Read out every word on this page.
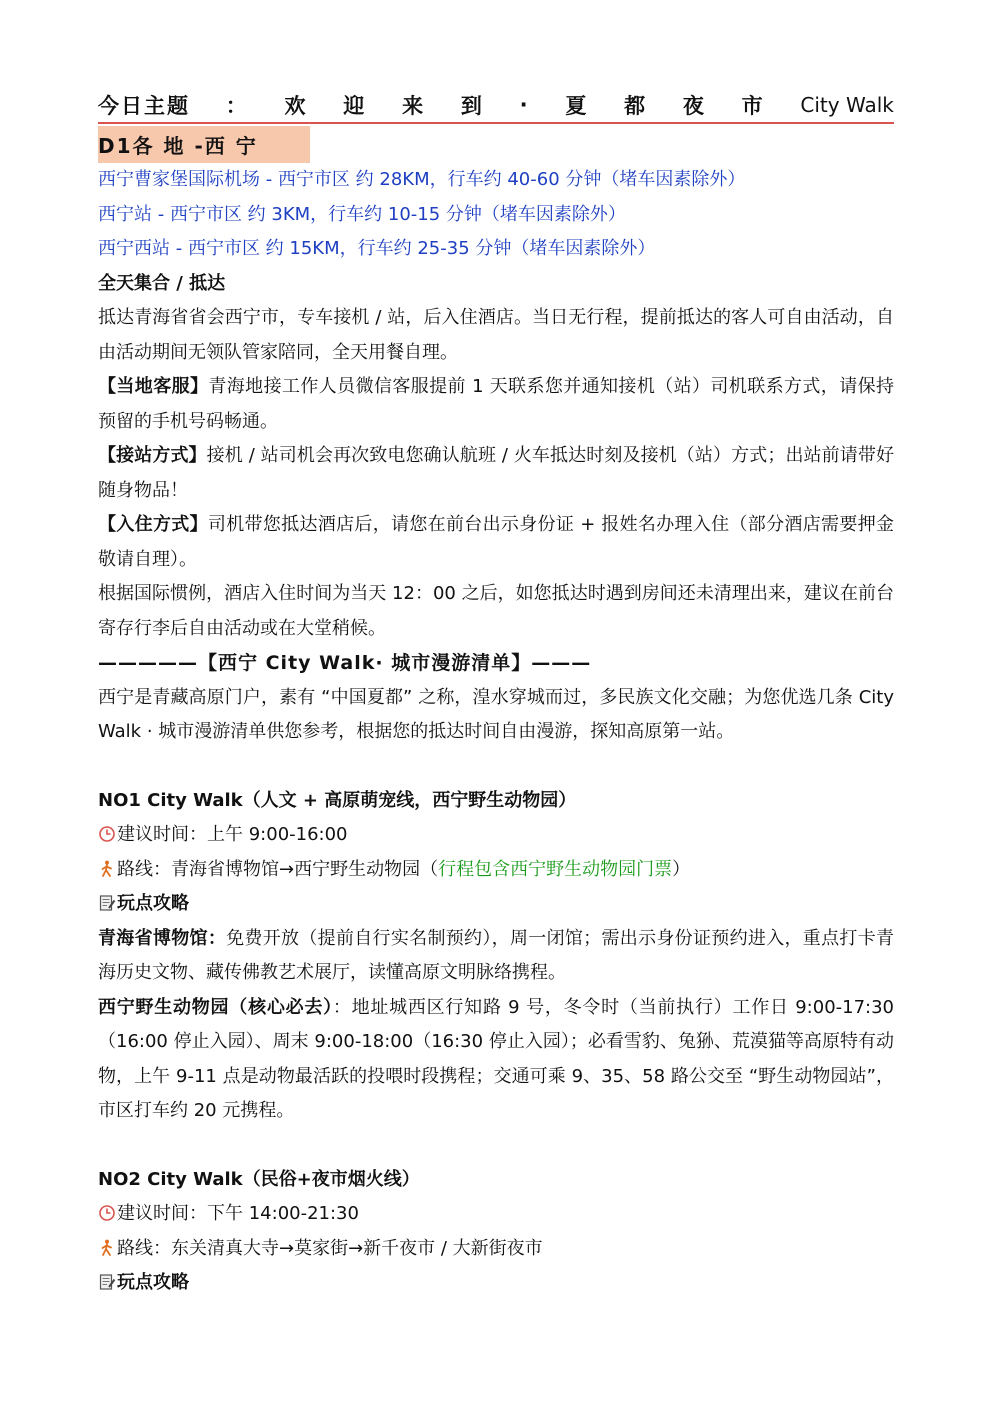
今日主题 ： 欢 迎 来 到 · 夏 都 夜 市 City Walk
D1各 地 -西 宁
西宁曹家堡国际机场 - 西宁市区 约 28KM，行车约 40-60 分钟（堵车因素除外）
西宁站 - 西宁市区 约 3KM，行车约 10-15 分钟（堵车因素除外）
西宁西站 - 西宁市区 约 15KM，行车约 25-35 分钟（堵车因素除外）
全天集合 / 抵达

抵达青海省省会西宁市，专车接机 / 站，后入住酒店。当日无行程，提前抵达的客人可自由活动，自由活动期间无领队管家陪同，全天用餐自理。

【当地客服】青海地接工作人员微信客服提前 1 天联系您并通知接机（站）司机联系方式，请保持预留的手机号码畅通。

【接站方式】接机 / 站司机会再次致电您确认航班 / 火车抵达时刻及接机（站）方式；出站前请带好随身物品！

【入住方式】司机带您抵达酒店后，请您在前台出示身份证 + 报姓名办理入住（部分酒店需要押金敬请自理）。

根据国际惯例，酒店入住时间为当天 12：00 之后，如您抵达时遇到房间还未清理出来，建议在前台寄存行李后自由活动或在大堂稍候。

—————【西宁 City Walk· 城市漫游清单】———

西宁是青藏高原门户，素有 “中国夏都” 之称，湟水穿城而过，多民族文化交融；为您优选几条 City Walk · 城市漫游清单供您参考，根据您的抵达时间自由漫游，探知高原第一站。

NO1 City Walk（人文 + 高原萌宠线，西宁野生动物园）
建议时间：上午 9:00-16:00
路线：青海省博物馆→西宁野生动物园（行程包含西宁野生动物园门票）
玩点攻略

青海省博物馆：免费开放（提前自行实名制预约），周一闭馆；需出示身份证预约进入，重点打卡青海历史文物、藏传佛教艺术展厅，读懂高原文明脉络携程。

西宁野生动物园（核心必去）：地址城西区行知路 9 号，冬令时（当前执行）工作日 9:00-17:30（16:00 停止入园）、周末 9:00-18:00（16:30 停止入园）；必看雪豹、兔狲、荒漠猫等高原特有动物，上午 9-11 点是动物最活跃的投喂时段携程；交通可乘 9、35、58 路公交至 “野生动物园站”，市区打车约 20 元携程。

NO2 City Walk（民俗+夜市烟火线）
建议时间：下午 14:00-21:30
路线：东关清真大寺→莫家街→新千夜市 / 大新街夜市
玩点攻略
